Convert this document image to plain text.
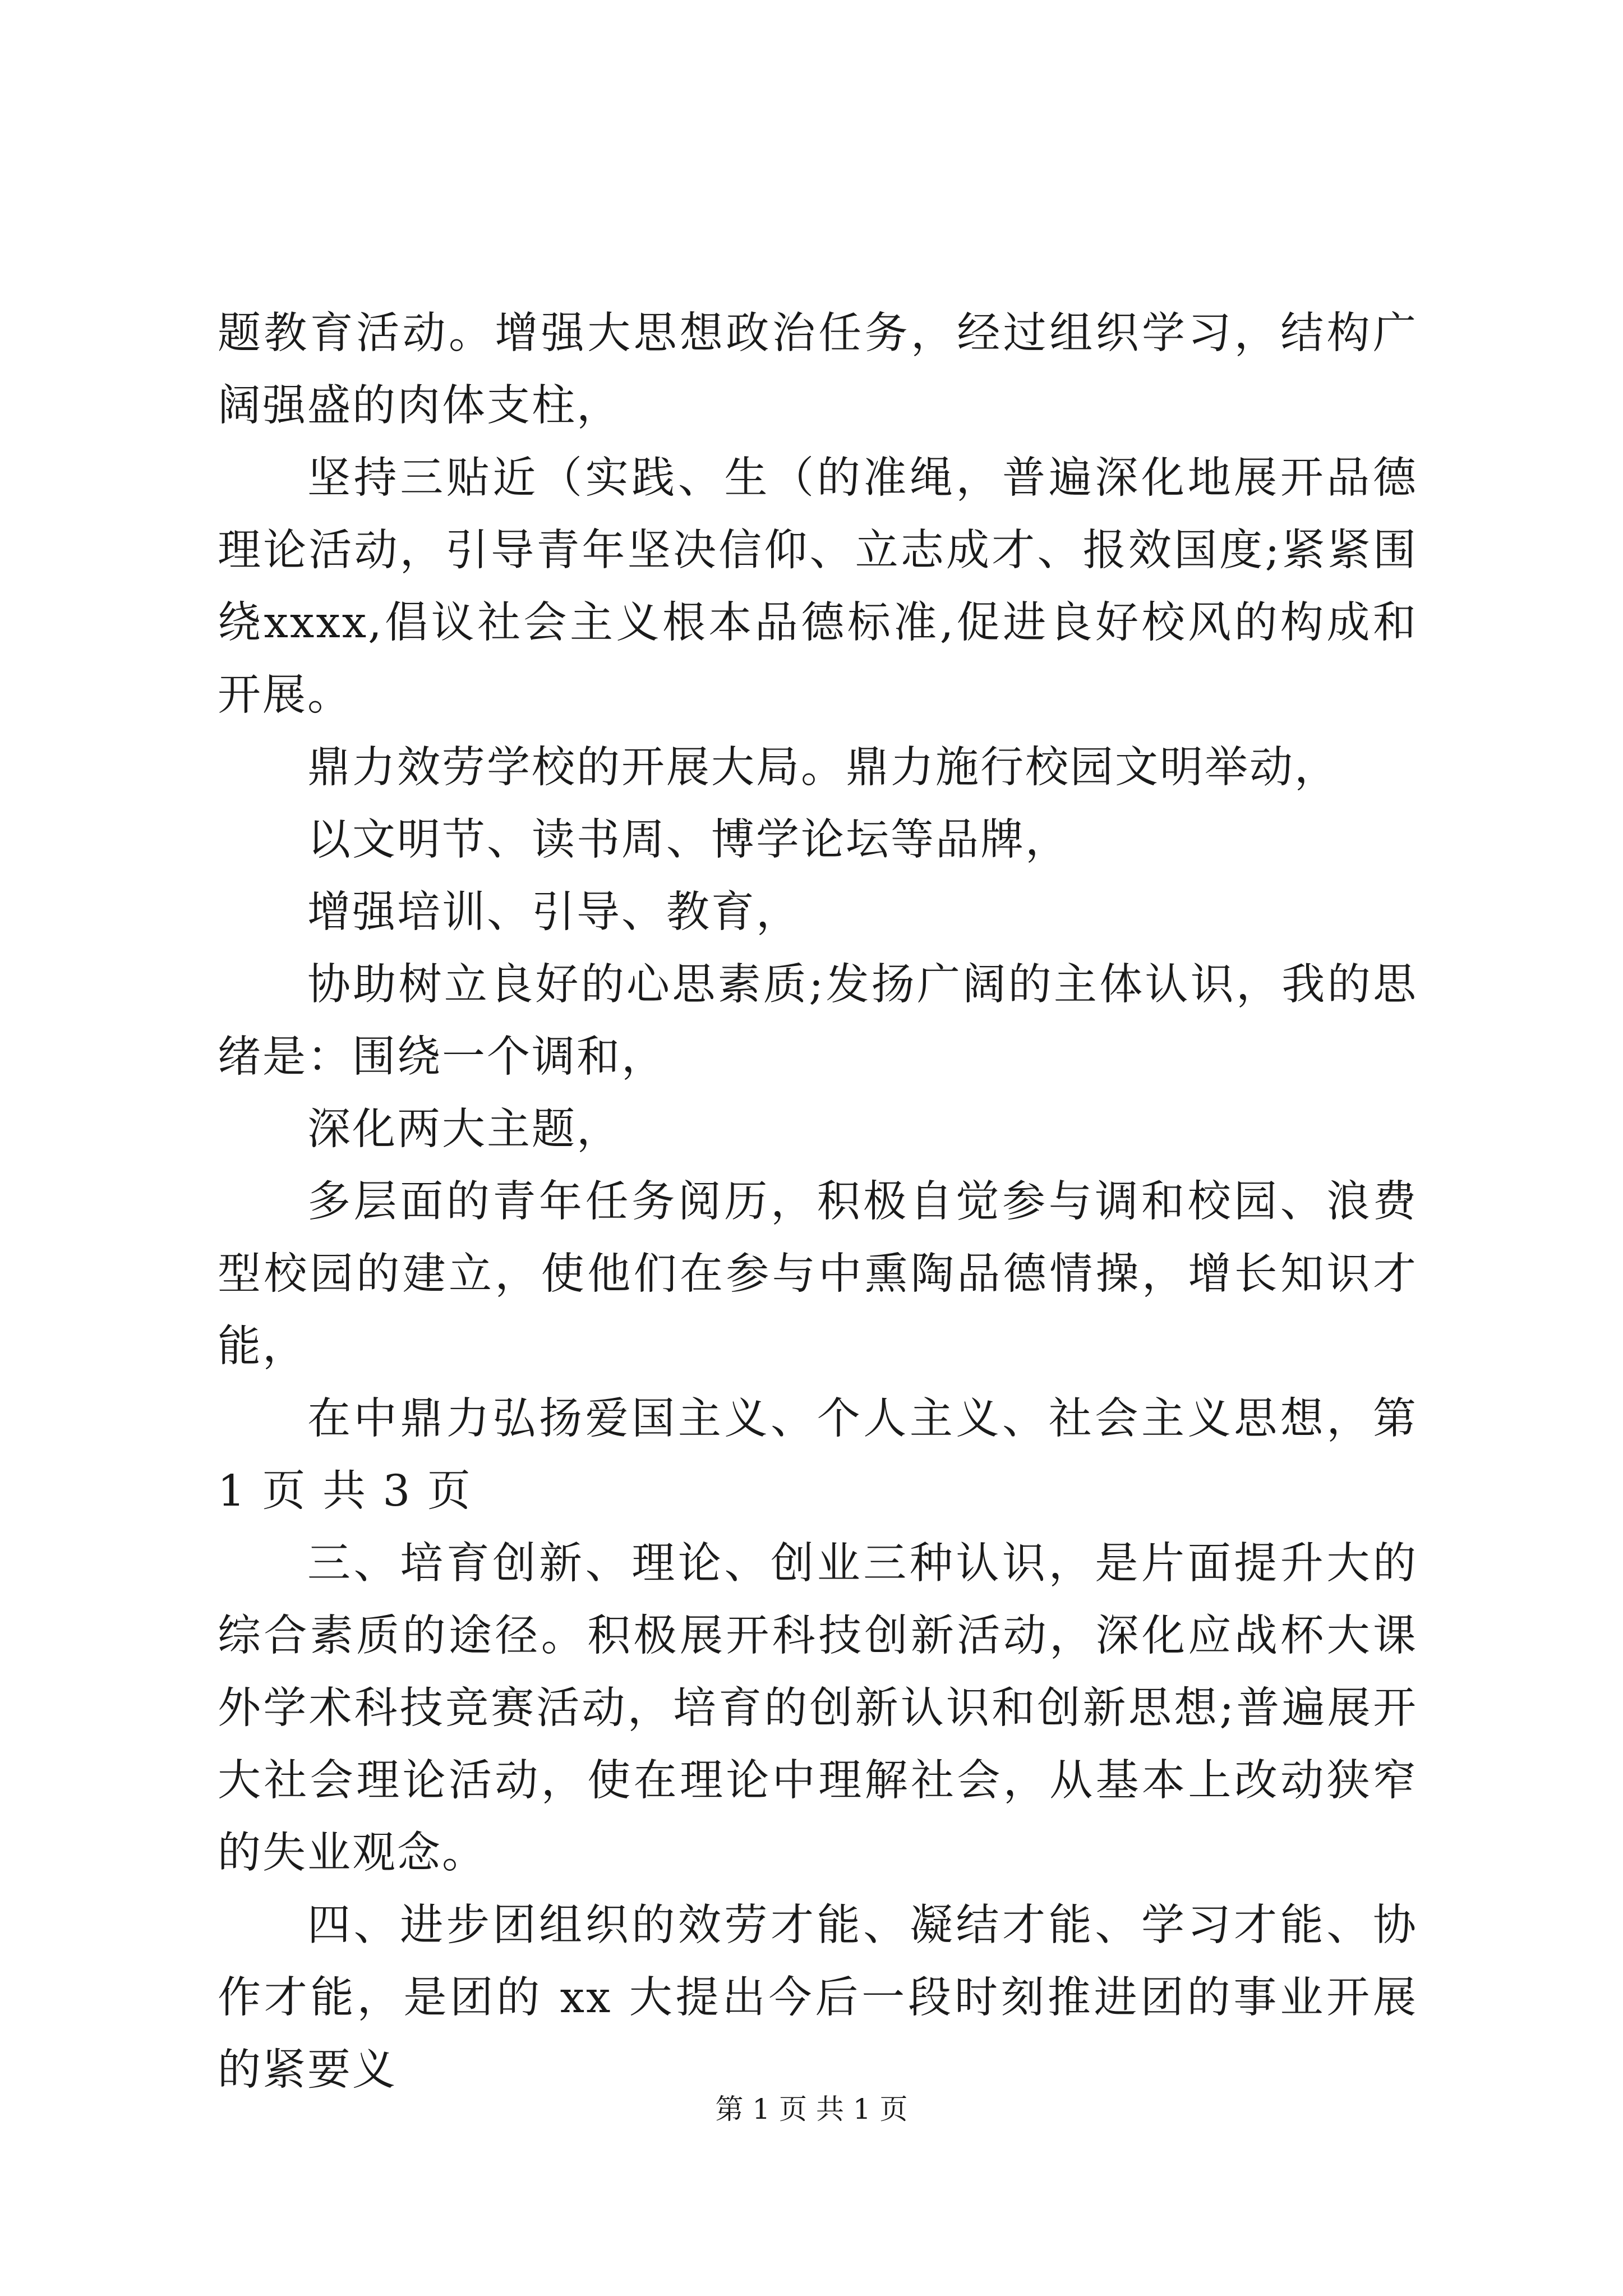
题教育活动。增强大思想政治任务，经过组织学习，结构广阔强盛的肉体支柱，

坚持三贴近（实践、生（的准绳，普遍深化地展开品德理论活动，引导青年坚决信仰、立志成才、报效国度;紧紧围绕xxxx,倡议社会主义根本品德标准,促进良好校风的构成和开展。

鼎力效劳学校的开展大局。鼎力施行校园文明举动，

以文明节、读书周、博学论坛等品牌，

增强培训、引导、教育，

协助树立良好的心思素质;发扬广阔的主体认识，我的思绪是：围绕一个调和，

深化两大主题，

多层面的青年任务阅历，积极自觉参与调和校园、浪费型校园的建立，使他们在参与中熏陶品德情操，增长知识才能，

在中鼎力弘扬爱国主义、个人主义、社会主义思想，第 1 页 共 3 页

三、培育创新、理论、创业三种认识，是片面提升大的综合素质的途径。积极展开科技创新活动，深化应战杯大课外学术科技竞赛活动，培育的创新认识和创新思想;普遍展开大社会理论活动，使在理论中理解社会，从基本上改动狭窄的失业观念。

四、进步团组织的效劳才能、凝结才能、学习才能、协作才能，是团的 xx 大提出今后一段时刻推进团的事业开展的紧要义

第 1 页 共 1 页
